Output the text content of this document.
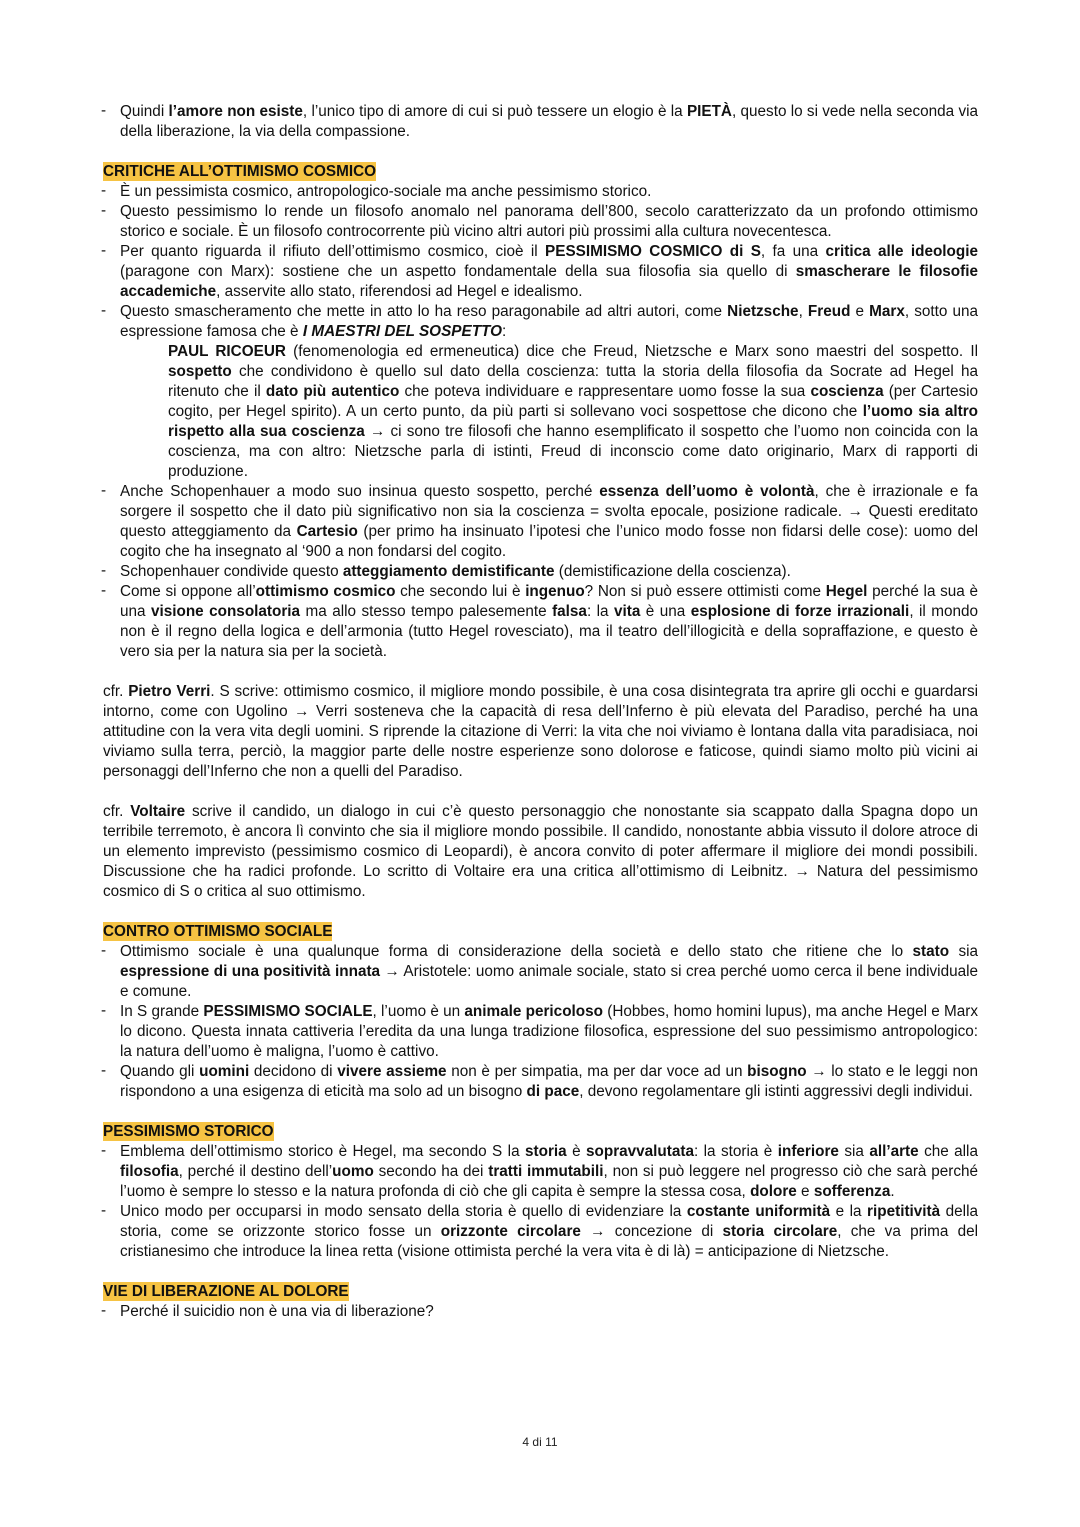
- Quindi l’amore non esiste, l’unico tipo di amore di cui si può tessere un elogio è la PIETÀ, questo lo si vede nella seconda via della liberazione, la via della compassione.
CRITICHE ALL’OTTIMISMO COSMICO
- È un pessimista cosmico, antropologico-sociale ma anche pessimismo storico.
- Questo pessimismo lo rende un filosofo anomalo nel panorama dell’800, secolo caratterizzato da un profondo ottimismo storico e sociale. È un filosofo controcorrente più vicino altri autori più prossimi alla cultura novecentesca.
- Per quanto riguarda il rifiuto dell’ottimismo cosmico, cioè il PESSIMISMO COSMICO di S, fa una critica alle ideologie (paragone con Marx): sostiene che un aspetto fondamentale della sua filosofia sia quello di smascherare le filosofie accademiche, asservite allo stato, riferendosi ad Hegel e idealismo.
- Questo smascheramento che mette in atto lo ha reso paragonabile ad altri autori, come Nietzsche, Freud e Marx, sotto una espressione famosa che è I MAESTRI DEL SOSPETTO:
PAUL RICOEUR (fenomenologia ed ermeneutica) dice che Freud, Nietzsche e Marx sono maestri del sospetto. Il sospetto che condividono è quello sul dato della coscienza: tutta la storia della filosofia da Socrate ad Hegel ha ritenuto che il dato più autentico che poteva individuare e rappresentare uomo fosse la sua coscienza (per Cartesio cogito, per Hegel spirito). A un certo punto, da più parti si sollevano voci sospettose che dicono che l’uomo sia altro rispetto alla sua coscienza → ci sono tre filosofi che hanno esemplificato il sospetto che l’uomo non coincida con la coscienza, ma con altro: Nietzsche parla di istinti, Freud di inconscio come dato originario, Marx di rapporti di produzione.
- Anche Schopenhauer a modo suo insinua questo sospetto, perché essenza dell’uomo è volontà, che è irrazionale e fa sorgere il sospetto che il dato più significativo non sia la coscienza = svolta epocale, posizione radicale. → Questi ereditato questo atteggiamento da Cartesio (per primo ha insinuato l’ipotesi che l’unico modo fosse non fidarsi delle cose): uomo del cogito che ha insegnato al ‘900 a non fondarsi del cogito.
- Schopenhauer condivide questo atteggiamento demistificante (demistificazione della coscienza).
- Come si oppone all’ottimismo cosmico che secondo lui è ingenuo? Non si può essere ottimisti come Hegel perché la sua è una visione consolatoria ma allo stesso tempo palesemente falsa: la vita è una esplosione di forze irrazionali, il mondo non è il regno della logica e dell’armonia (tutto Hegel rovesciato), ma il teatro dell’illogicità e della sopraffazione, e questo è vero sia per la natura sia per la società.
cfr. Pietro Verri. S scrive: ottimismo cosmico, il migliore mondo possibile, è una cosa disintegrata tra aprire gli occhi e guardarsi intorno, come con Ugolino → Verri sosteneva che la capacità di resa dell’Inferno è più elevata del Paradiso, perché ha una attitudine con la vera vita degli uomini. S riprende la citazione di Verri: la vita che noi viviamo è lontana dalla vita paradisiaca, noi viviamo sulla terra, perciò, la maggior parte delle nostre esperienze sono dolorose e faticose, quindi siamo molto più vicini ai personaggi dell’Inferno che non a quelli del Paradiso.
cfr. Voltaire scrive il candido, un dialogo in cui c’è questo personaggio che nonostante sia scappato dalla Spagna dopo un terribile terremoto, è ancora lì convinto che sia il migliore mondo possibile. Il candido, nonostante abbia vissuto il dolore atroce di un elemento imprevisto (pessimismo cosmico di Leopardi), è ancora convito di poter affermare il migliore dei mondi possibili. Discussione che ha radici profonde. Lo scritto di Voltaire era una critica all’ottimismo di Leibnitz. → Natura del pessimismo cosmico di S o critica al suo ottimismo.
CONTRO OTTIMISMO SOCIALE
- Ottimismo sociale è una qualunque forma di considerazione della società e dello stato che ritiene che lo stato sia espressione di una positività innata → Aristotele: uomo animale sociale, stato si crea perché uomo cerca il bene individuale e comune.
- In S grande PESSIMISMO SOCIALE, l’uomo è un animale pericoloso (Hobbes, homo homini lupus), ma anche Hegel e Marx lo dicono. Questa innata cattiveria l’eredita da una lunga tradizione filosofica, espressione del suo pessimismo antropologico: la natura dell’uomo è maligna, l’uomo è cattivo.
- Quando gli uomini decidono di vivere assieme non è per simpatia, ma per dar voce ad un bisogno → lo stato e le leggi non rispondono a una esigenza di eticità ma solo ad un bisogno di pace, devono regolamentare gli istinti aggressivi degli individui.
PESSIMISMO STORICO
- Emblema dell’ottimismo storico è Hegel, ma secondo S la storia è sopravvalutata: la storia è inferiore sia all’arte che alla filosofia, perché il destino dell’uomo secondo ha dei tratti immutabili, non si può leggere nel progresso ciò che sarà perché l’uomo è sempre lo stesso e la natura profonda di ciò che gli capita è sempre la stessa cosa, dolore e sofferenza.
- Unico modo per occuparsi in modo sensato della storia è quello di evidenziare la costante uniformità e la ripetitività della storia, come se orizzonte storico fosse un orizzonte circolare → concezione di storia circolare, che va prima del cristianesimo che introduce la linea retta (visione ottimista perché la vera vita è di là) = anticipazione di Nietzsche.
VIE DI LIBERAZIONE AL DOLORE
- Perché il suicidio non è una via di liberazione?
4 di 11
